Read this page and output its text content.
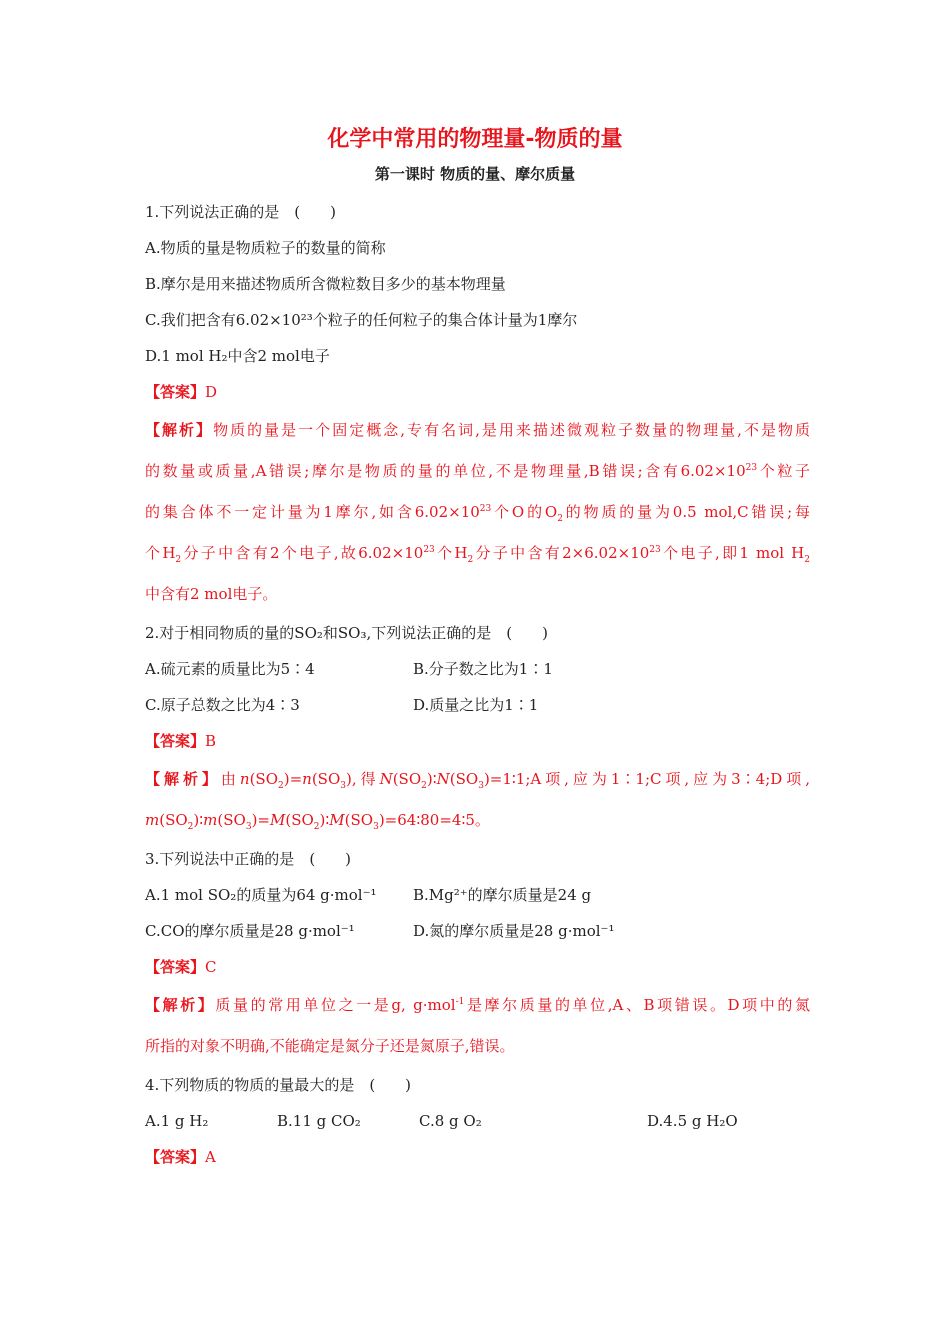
化学中常用的物理量-物质的量
第一课时 物质的量、摩尔质量
1.下列说法正确的是　(　　)
A.物质的量是物质粒子的数量的简称
B.摩尔是用来描述物质所含微粒数目多少的基本物理量
C.我们把含有6.02×10²³个粒子的任何粒子的集合体计量为1摩尔
D.1 mol H₂中含2 mol电子
【答案】D
【解析】物质的量是一个固定概念,专有名词,是用来描述微观粒子数量的物理量,不是物质
的数量或质量,A错误;摩尔是物质的量的单位,不是物理量,B错误;含有$6.02\times 10^{23}$个粒子
的集合体不一定计量为1摩尔,如含$6.02\times 10^{23}$个O的$O_2$的物质的量为0.5 mol,C错误;每
个$H_2$分子中含有2个电子,故$6.02\times 10^{23}$个$H_2$分子中含有$2\times 6.02\times 10^{23}$个电子,即1 mol $H_2$
中含有2 mol电子。
2.对于相同物质的量的SO₂和SO₃,下列说法正确的是　(　　)
A.硫元素的质量比为5∶4	B.分子数之比为1∶1
C.原子总数之比为4∶3	D.质量之比为1∶1
【答案】B
【解析】由$n(SO_2)=n(SO_3)$,得$N(SO_2)∶N(SO_3)=1∶1;A$项,应为1∶1;C项,应为3∶4;D项,
$m(SO_2)∶m(SO_3)=M(SO_2)∶M(SO_3)=64∶80=4∶5$。
3.下列说法中正确的是　(　　)
A.1 mol SO₂的质量为64 g·mol⁻¹ B.Mg²⁺的摩尔质量是24 g
C.CO的摩尔质量是28 g·mol⁻¹	D.氮的摩尔质量是28 g·mol⁻¹
【答案】C
【解析】质量的常用单位之一是g, g·mol$^{-1}$是摩尔质量的单位,A、B项错误。D项中的氮
所指的对象不明确,不能确定是氮分子还是氮原子,错误。
4.下列物质的物质的量最大的是　(　　)
A.1 g H₂	B.11 g CO₂	C.8 g O₂	D.4.5 g H₂O
【答案】A
